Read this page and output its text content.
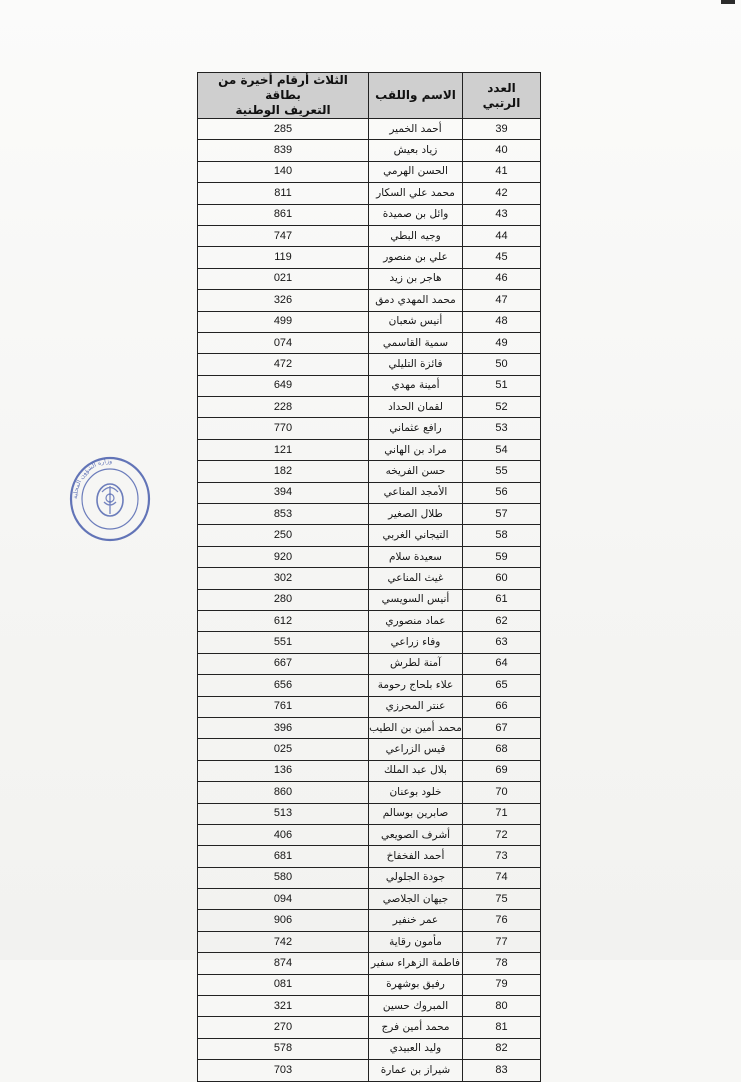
العدد الرتبي	الاسم واللقب	الثلاث أرقام أخيرة من بطاقة
التعريف الوطنية

39	أحمد الخمير	285
40	زياد بعيش	839
41	الحسن الهرمي	140
42	محمد علي السكار	811
43	وائل بن صميدة	861
44	وجيه البطي	747
45	علي بن منصور	119
46	هاجر بن زيد	021
47	محمد المهدي دمق	326
48	أنيس شعبان	499
49	سمية القاسمي	074
50	فائزة التليلي	472
51	أمينة مهدي	649
52	لقمان الحداد	228
53	رافع عثماني	770
54	مراد بن الهاني	121
55	حسن الفريخه	182
56	الأمجد المناعي	394
57	طلال الصغير	853
58	التيجاني الغربي	250
59	سعيدة سلام	920
60	غيث المناعي	302
61	أنيس السويسي	280
62	عماد منصوري	612
63	وفاء زراعي	551
64	آمنة لطرش	667
65	علاء بلحاج رحومة	656
66	عنتر المحرزي	761
67	محمد أمين بن الطيب	396
68	قيس الزراعي	025
69	بلال عبد الملك	136
70	خلود بوعنان	860
71	صابرين بوسالم	513
72	أشرف الصويعي	406
73	أحمد الفخفاخ	681
74	جودة الجلولي	580
75	جيهان الجلاصي	094
76	عمر خنفير	906
77	مأمون رقاية	742
78	فاطمة الزهراء سفير	874
79	رفيق بوشهرة	081
80	المبروك حسين	321
81	محمد أمين فرج	270
82	وليد العبيدي	578
83	شيراز بن عمارة	703
وزارة الشؤون المحلية
